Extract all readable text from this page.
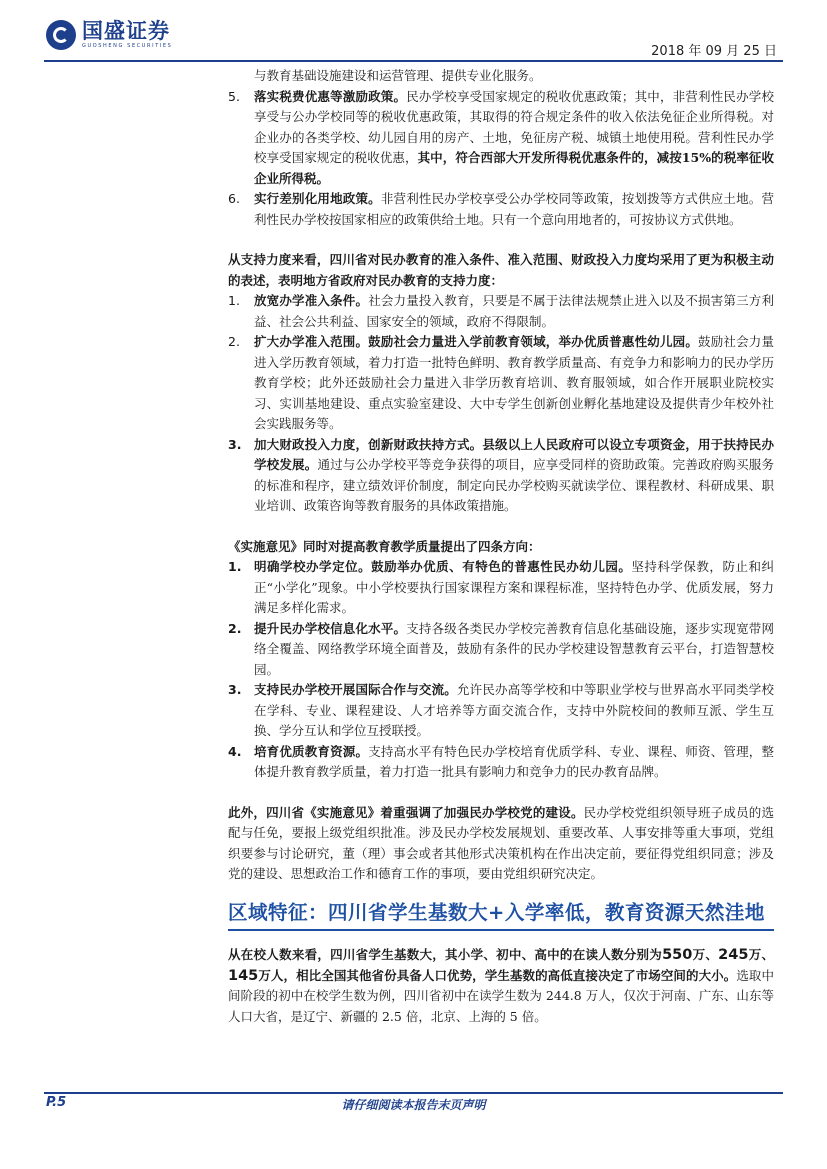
国盛证券
GUOSHENG SECURITIES	2018 年 09 月 25 日

与教育基础设施建设和运营管理、提供专业化服务。

5. 落实税费优惠等激励政策。民办学校享受国家规定的税收优惠政策；其中，非营利性民办学校享受与公办学校同等的税收优惠政策，其取得的符合规定条件的收入依法免征企业所得税。对企业办的各类学校、幼儿园自用的房产、土地，免征房产税、城镇土地使用税。营利性民办学校享受国家规定的税收优惠，其中，符合西部大开发所得税优惠条件的，减按15%的税率征收企业所得税。
6. 实行差别化用地政策。非营利性民办学校享受公办学校同等政策，按划拨等方式供应土地。营利性民办学校按国家相应的政策供给土地。只有一个意向用地者的，可按协议方式供地。

从支持力度来看，四川省对民办教育的准入条件、准入范围、财政投入力度均采用了更为积极主动的表述，表明地方省政府对民办教育的支持力度：

1. 放宽办学准入条件。社会力量投入教育，只要是不属于法律法规禁止进入以及不损害第三方利益、社会公共利益、国家安全的领域，政府不得限制。
2. 扩大办学准入范围。鼓励社会力量进入学前教育领域，举办优质普惠性幼儿园。鼓励社会力量进入学历教育领域，着力打造一批特色鲜明、教育教学质量高、有竞争力和影响力的民办学历教育学校；此外还鼓励社会力量进入非学历教育培训、教育服领域，如合作开展职业院校实习、实训基地建设、重点实验室建设、大中专学生创新创业孵化基地建设及提供青少年校外社会实践服务等。
3. 加大财政投入力度，创新财政扶持方式。县级以上人民政府可以设立专项资金，用于扶持民办学校发展。通过与公办学校平等竞争获得的项目，应享受同样的资助政策。完善政府购买服务的标准和程序，建立绩效评价制度，制定向民办学校购买就读学位、课程教材、科研成果、职业培训、政策咨询等教育服务的具体政策措施。

《实施意见》同时对提高教育教学质量提出了四条方向：

1. 明确学校办学定位。鼓励举办优质、有特色的普惠性民办幼儿园。坚持科学保教，防止和纠正“小学化”现象。中小学校要执行国家课程方案和课程标准，坚持特色办学、优质发展，努力满足多样化需求。
2. 提升民办学校信息化水平。支持各级各类民办学校完善教育信息化基础设施，逐步实现宽带网络全覆盖、网络教学环境全面普及，鼓励有条件的民办学校建设智慧教育云平台，打造智慧校园。
3. 支持民办学校开展国际合作与交流。允许民办高等学校和中等职业学校与世界高水平同类学校在学科、专业、课程建设、人才培养等方面交流合作，支持中外院校间的教师互派、学生互换、学分互认和学位互授联授。
4. 培育优质教育资源。支持高水平有特色民办学校培育优质学科、专业、课程、师资、管理，整体提升教育教学质量，着力打造一批具有影响力和竞争力的民办教育品牌。

此外，四川省《实施意见》着重强调了加强民办学校党的建设。民办学校党组织领导班子成员的选配与任免，要报上级党组织批准。涉及民办学校发展规划、重要改革、人事安排等重大事项，党组织要参与讨论研究，董（理）事会或者其他形式决策机构在作出决定前，要征得党组织同意；涉及党的建设、思想政治工作和德育工作的事项，要由党组织研究决定。

区域特征：四川省学生基数大+入学率低，教育资源天然洼地

从在校人数来看，四川省学生基数大，其小学、初中、高中的在读人数分别为550万、245万、145万人，相比全国其他省份具备人口优势，学生基数的高低直接决定了市场空间的大小。选取中间阶段的初中在校学生数为例，四川省初中在读学生数为 244.8 万人，仅次于河南、广东、山东等人口大省，是辽宁、新疆的 2.5 倍，北京、上海的 5 倍。

P.5	请仔细阅读本报告末页声明
